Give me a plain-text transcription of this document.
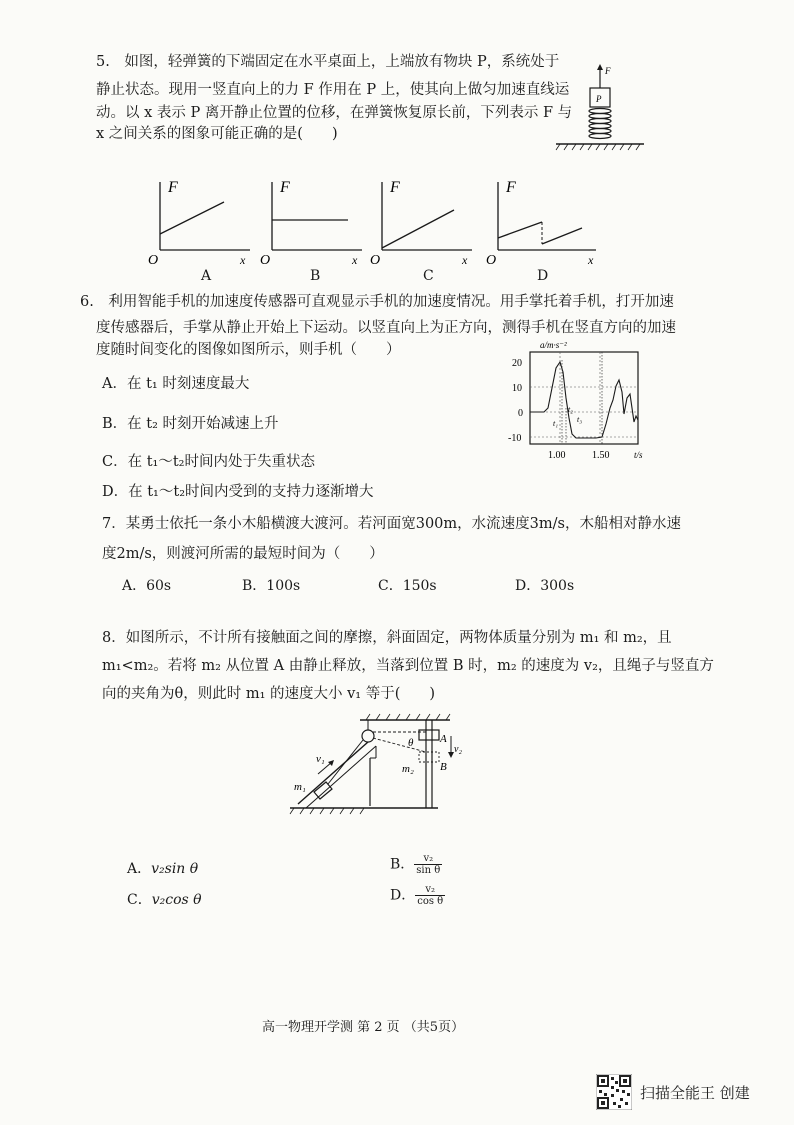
5.　如图，轻弹簧的下端固定在水平桌面上，上端放有物块 P，系统处于
静止状态。现用一竖直向上的力 F 作用在 P 上，使其向上做匀加速直线运
动。以 x 表示 P 离开静止位置的位移，在弹簧恢复原长前，下列表示 F 与
x 之间关系的图象可能正确的是(　　)
F
P
F
x
O
A
F
x
O
B
F
x
O
C
F
x
O
D
6.　利用智能手机的加速度传感器可直观显示手机的加速度情况。用手掌托着手机，打开加速
度传感器后，手掌从静止开始上下运动。以竖直向上为正方向，测得手机在竖直方向的加速
度随时间变化的图像如图所示，则手机（　　）
A．在 t₁ 时刻速度最大
B．在 t₂ 时刻开始减速上升
C．在 t₁～t₂时间内处于失重状态
D．在 t₁～t₂时间内受到的支持力逐渐增大
a/m·s⁻²
20
10
0
-10
t₁
t₂
t₃
1.00	1.50	t/s
7．某勇士依托一条小木船横渡大渡河。若河面宽300m，水流速度3m/s，木船相对静水速
度2m/s，则渡河所需的最短时间为（　　）
A．60s	B．100s	C．150s	D．300s
8．如图所示，不计所有接触面之间的摩擦，斜面固定，两物体质量分别为 m₁ 和 m₂，且
m₁<m₂。若将 m₂ 从位置 A 由静止释放，当落到位置 B 时，m₂ 的速度为 v₂，且绳子与竖直方
向的夹角为θ，则此时 m₁ 的速度大小 v₁ 等于(　　)
v₁
m₁
θ A
B
m₂
v₂
A．v₂sin θ	B． $\frac{\text{v₂}}{\text{sin θ}}$
C．v₂cos θ	D． $\frac{\text{v₂}}{\text{cos θ}}$
高一物理开学测 第 2 页 （共5页）
扫描全能王 创建
